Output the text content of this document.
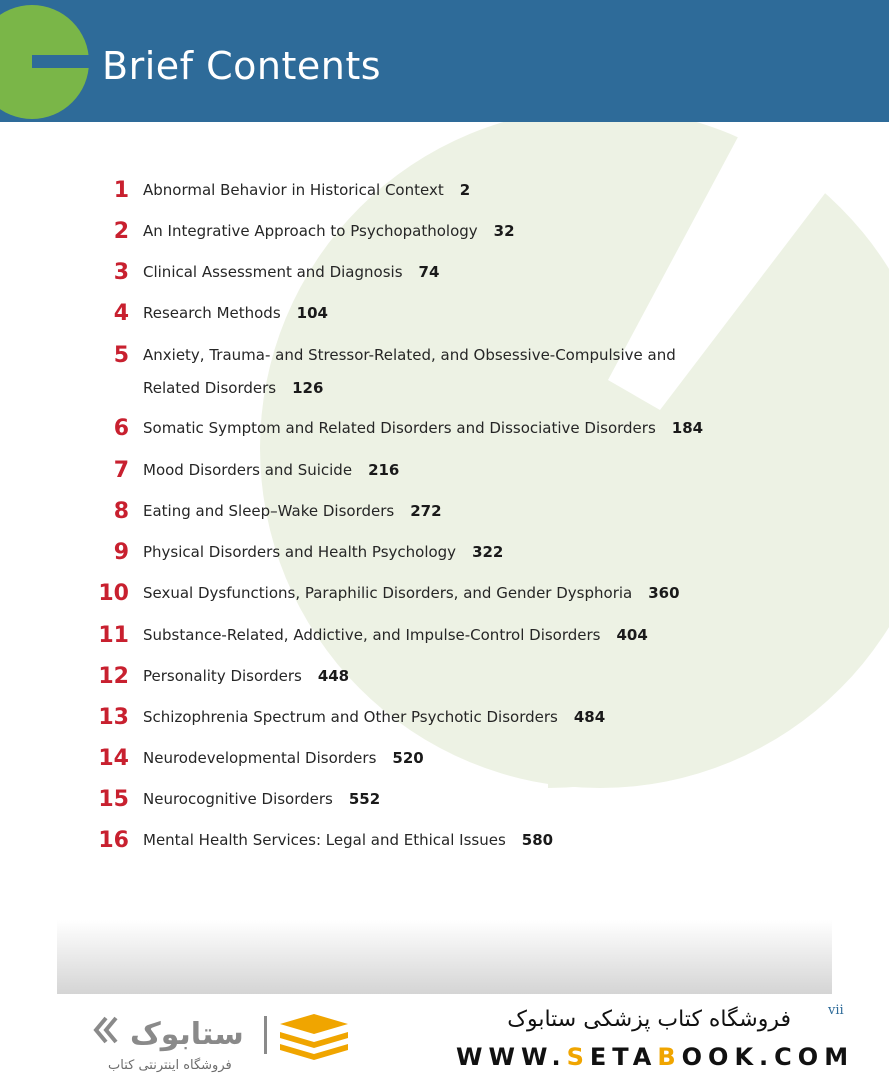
Brief Contents
1 Abnormal Behavior in Historical Context 2
2 An Integrative Approach to Psychopathology 32
3 Clinical Assessment and Diagnosis 74
4 Research Methods 104
5 Anxiety, Trauma- and Stressor-Related, and Obsessive-Compulsive and
Related Disorders 126
6 Somatic Symptom and Related Disorders and Dissociative Disorders 184
7 Mood Disorders and Suicide 216
8 Eating and Sleep–Wake Disorders 272
9 Physical Disorders and Health Psychology 322
10 Sexual Dysfunctions, Paraphilic Disorders, and Gender Dysphoria 360
11 Substance-Related, Addictive, and Impulse-Control Disorders 404
12 Personality Disorders 448
13 Schizophrenia Spectrum and Other Psychotic Disorders 484
14 Neurodevelopmental Disorders 520
15 Neurocognitive Disorders 552
16 Mental Health Services: Legal and Ethical Issues 580
vii
فروشگاه کتاب پزشکی ستابوک
WWW.SETABOOK.COM
ستابوک
فروشگاه اینترنتی کتاب
